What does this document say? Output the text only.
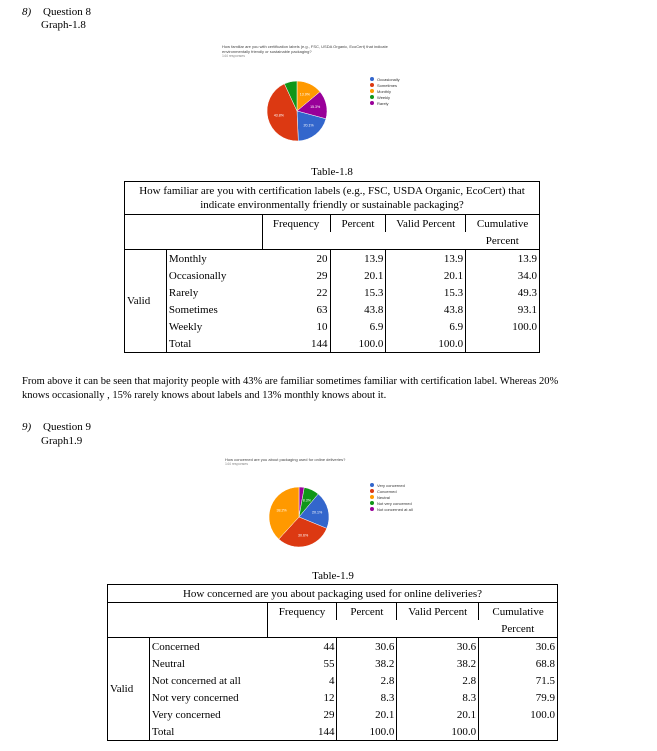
8) Question 8
Graph-1.8
How familiar are you with certification labels (e.g., FSC, USDA Organic, EcoCert) that indicate
environmentally friendly or sustainable packaging?
144 responses
13.9%
15.3%
20.1%
43.8%
Occasionally
Sometimes
Monthly
Weekly
Rarely
Table-1.8
How familiar are you with certification labels (e.g., FSC, USDA Organic, EcoCert) that
indicate environmentally friendly or sustainable packaging?					
		Frequency	Percent	Valid Percent	Cumulative
					Percent
Valid	Monthly	20	13.9	13.9	13.9
	Occasionally	29	20.1	20.1	34.0
	Rarely	22	15.3	15.3	49.3
	Sometimes	63	43.8	43.8	93.1
	Weekly	10	6.9	6.9	100.0
	Total	144	100.0	100.0	
From above it can be seen that majority people with 43% are familiar sometimes familiar with certification label. Whereas 20%
knows occasionally , 15% rarely knows about labels and 13% monthly knows about it.
9) Question 9
Graph1.9
How concerned are you about packaging used for online deliveries?
144 responses
8.3%
20.1%
30.6%
38.2%
Very concerned
Concerned
Neutral
Not very concerned
Not concerned at all
Table-1.9
How concerned are you about packaging used for online deliveries?					
		Frequency	Percent	Valid Percent	Cumulative
					Percent
Valid	Concerned	44	30.6	30.6	30.6
	Neutral	55	38.2	38.2	68.8
	Not concerned at all	4	2.8	2.8	71.5
	Not very concerned	12	8.3	8.3	79.9
	Very concerned	29	20.1	20.1	100.0
	Total	144	100.0	100.0	
